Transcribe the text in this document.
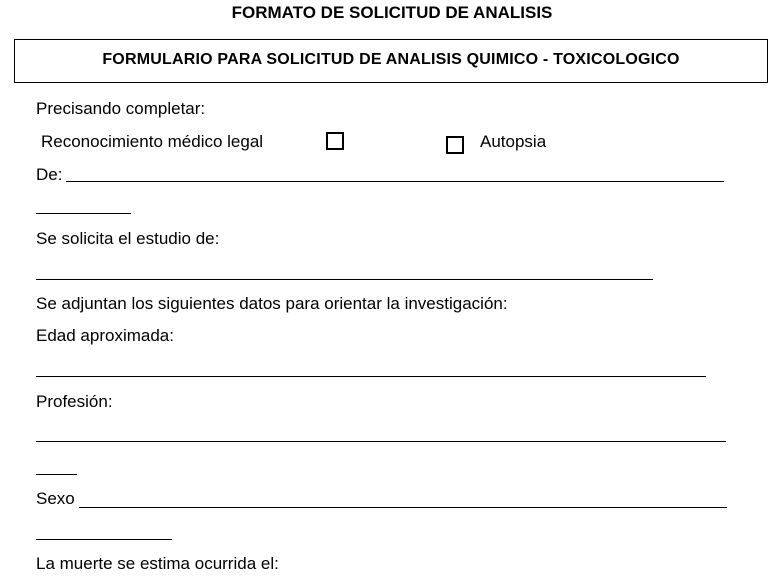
FORMATO DE SOLICITUD DE ANALISIS
FORMULARIO PARA SOLICITUD DE ANALISIS QUIMICO - TOXICOLOGICO
Precisando completar:
Reconocimiento médico legal	Autopsia
De:
Se solicita el estudio de:
Se adjuntan los siguientes datos para orientar la investigación:
Edad aproximada:
Profesión:
Sexo
La muerte se estima ocurrida el:
